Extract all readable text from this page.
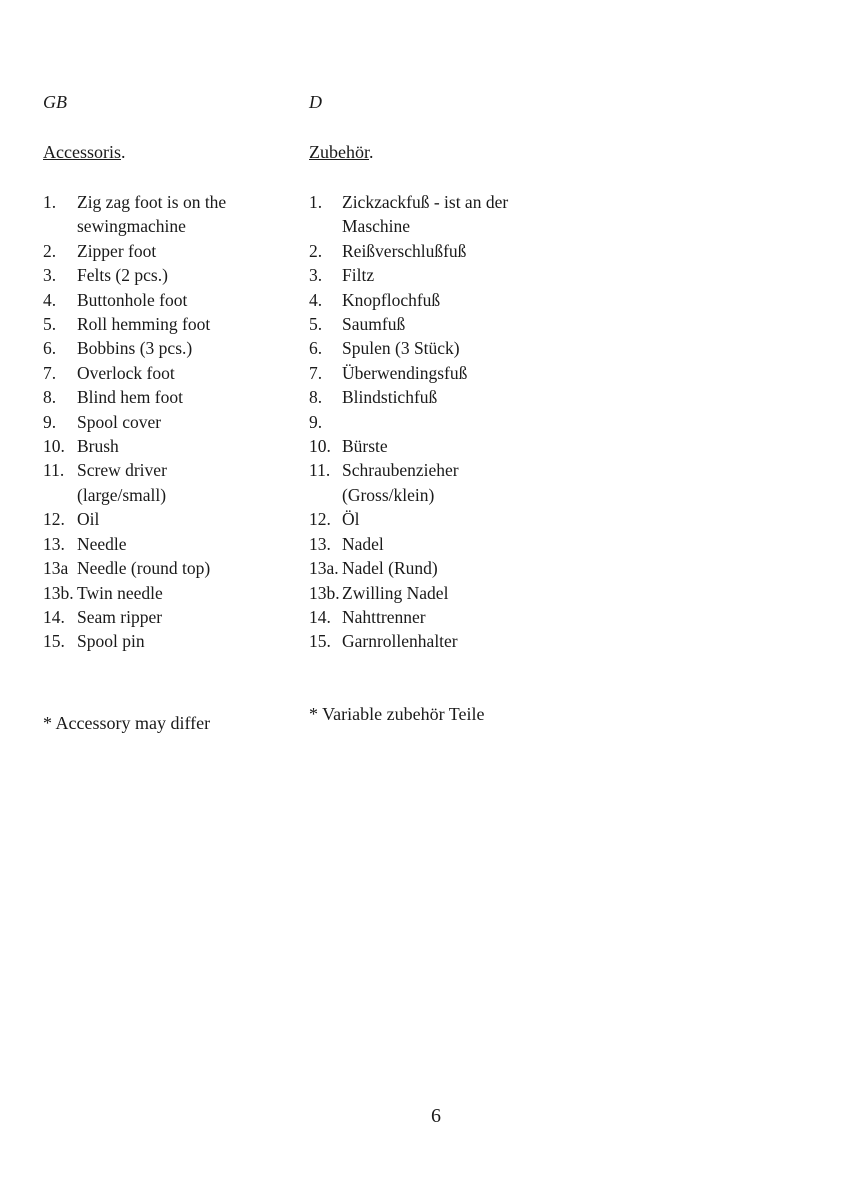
GB
Accessoris.
1.	Zig zag foot is on the
sewingmachine
2.	Zipper foot
3.	Felts (2 pcs.)
4.	Buttonhole foot
5.	Roll hemming foot
6.	Bobbins (3 pcs.)
7.	Overlock foot
8.	Blind hem foot
9.	Spool cover
10. Brush
11. Screw driver
(large/small)
12. Oil
13. Needle
13a Needle (round top)
13b. Twin needle
14. Seam ripper
15. Spool pin
* Accessory may differ
D
Zubehör.
1.	Zickzackfuß - ist an der
Maschine
2.	Reißverschlußfuß
3.	Filtz
4.	Knopflochfuß
5.	Saumfuß
6.	Spulen (3 Stück)
7.	Überwendingsfuß
8.	Blindstichfuß
9.
10. Bürste
11. Schraubenzieher
(Gross/klein)
12. Öl
13. Nadel
13a. Nadel (Rund)
13b. Zwilling Nadel
14. Nahttrenner
15. Garnrollenhalter
* Variable zubehör Teile
6
